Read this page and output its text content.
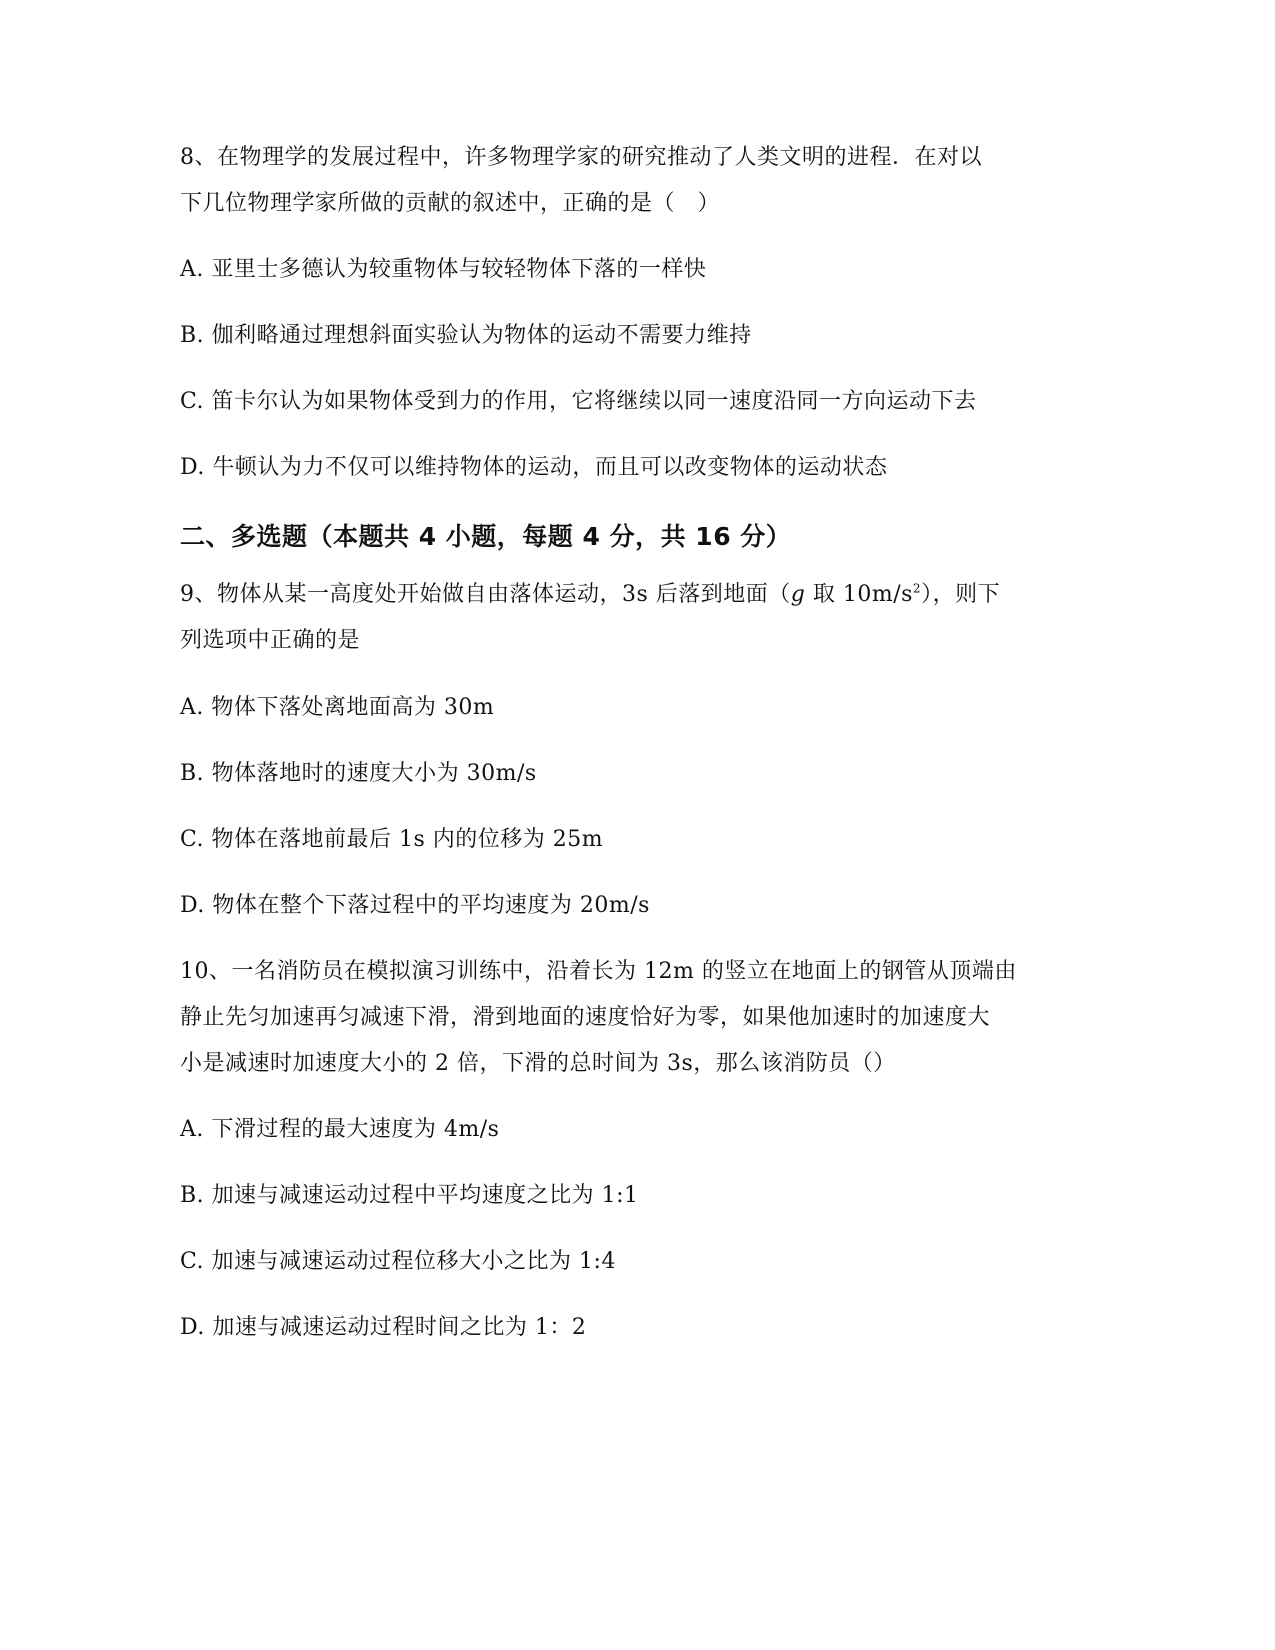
8、在物理学的发展过程中，许多物理学家的研究推动了人类文明的进程．在对以
下几位物理学家所做的贡献的叙述中，正确的是（　）
A. 亚里士多德认为较重物体与较轻物体下落的一样快
B. 伽利略通过理想斜面实验认为物体的运动不需要力维持
C. 笛卡尔认为如果物体受到力的作用，它将继续以同一速度沿同一方向运动下去
D. 牛顿认为力不仅可以维持物体的运动，而且可以改变物体的运动状态
二、多选题（本题共 4 小题，每题 4 分，共 16 分）
9、物体从某一高度处开始做自由落体运动，3s 后落到地面（g 取 $10m/s^2$），则下
列选项中正确的是
A. 物体下落处离地面高为 30m
B. 物体落地时的速度大小为 30m/s
C. 物体在落地前最后 1s 内的位移为 25m
D. 物体在整个下落过程中的平均速度为 20m/s
10、一名消防员在模拟演习训练中，沿着长为 12m 的竖立在地面上的钢管从顶端由
静止先匀加速再匀减速下滑，滑到地面的速度恰好为零，如果他加速时的加速度大
小是减速时加速度大小的 2 倍，下滑的总时间为 3s，那么该消防员（）
A. 下滑过程的最大速度为 4m/s
B. 加速与减速运动过程中平均速度之比为 1:1
C. 加速与减速运动过程位移大小之比为 1:4
D. 加速与减速运动过程时间之比为 1：2
